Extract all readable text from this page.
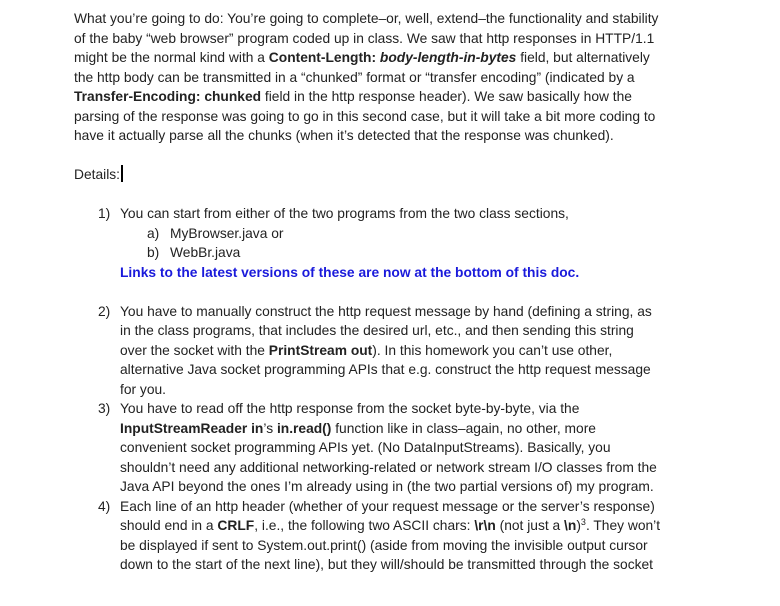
What you’re going to do: You’re going to complete–or, well, extend–the functionality and stability
of the baby “web browser” program coded up in class. We saw that http responses in HTTP/1.1
might be the normal kind with a Content-Length: body-length-in-bytes field, but alternatively
the http body can be transmitted in a “chunked” format or “transfer encoding” (indicated by a
Transfer-Encoding: chunked field in the http response header). We saw basically how the
parsing of the response was going to go in this second case, but it will take a bit more coding to
have it actually parse all the chunks (when it’s detected that the response was chunked).
Details:
1) You can start from either of the two programs from the two class sections,
a) MyBrowser.java or
b) WebBr.java
Links to the latest versions of these are now at the bottom of this doc.
2) You have to manually construct the http request message by hand (defining a string, as
in the class programs, that includes the desired url, etc., and then sending this string
over the socket with the PrintStream out). In this homework you can’t use other,
alternative Java socket programming APIs that e.g. construct the http request message
for you.
3) You have to read off the http response from the socket byte-by-byte, via the
InputStreamReader in’s in.read() function like in class–again, no other, more
convenient socket programming APIs yet. (No DataInputStreams). Basically, you
shouldn’t need any additional networking-related or network stream I/O classes from the
Java API beyond the ones I’m already using in (the two partial versions of) my program.
4) Each line of an http header (whether of your request message or the server’s response)
should end in a CRLF, i.e., the following two ASCII chars: \r\n (not just a \n)$^3$. They won’t
be displayed if sent to System.out.print() (aside from moving the invisible output cursor
down to the start of the next line), but they will/should be transmitted through the socket
